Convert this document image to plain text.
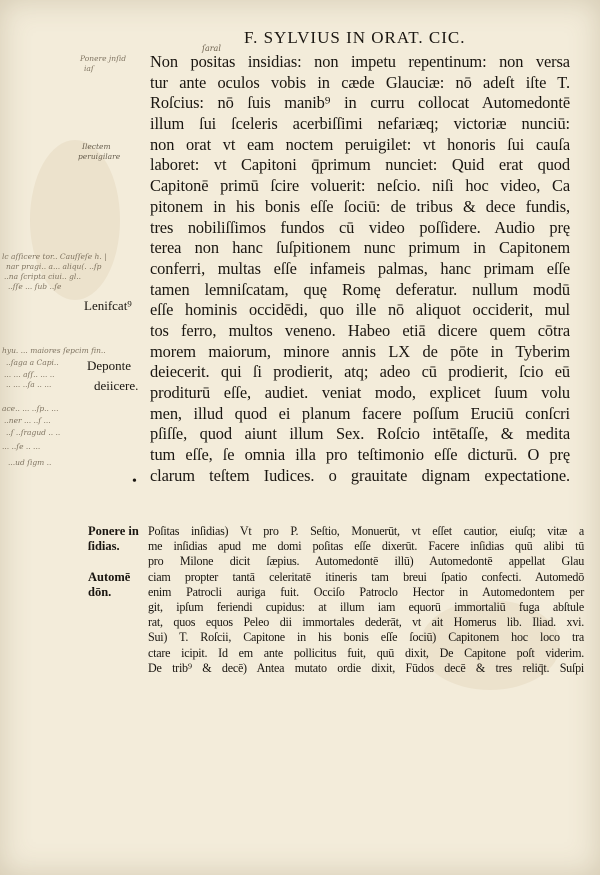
F. SYLVIUS IN ORAT. CIC.
ſaral
Ponere jnſid
iaſ
Ilectem
peruigilare
lc aſſicere tor.. Cauſſeſe h. |
nar pragi.. a... aliqu(. ..ſp
..na ſcripta ciui.. gl..
..ſſe ... ſub ..ſe
hyu. ... maiores ſepcim fin..
..ſaga a Capi..
... ... aſſ.. ... ..
.. ... ..ſa .. ...
ace.. ... ..ſp.. ...
..ner ... ..ſ ...
..ſ ..ſragud .. ..
... ..ſe .. ...
...ud ſigm ..
Lenifcat⁹
Deponte
deiicere.
•
Non positas insidias: non impetu repentinum: non versa
tur ante oculos vobis in cæde Glauciæ: nō adeſt iſte T.
Roſcius: nō ſuis manib⁹ in curru collocat Automedontē
illum ſui ſceleris acerbiſſimi nefariæq; victoriæ nunciū:
non orat vt eam noctem peruigilet: vt honoris ſui cauſa
laboret: vt Capitoni q̄primum nunciet: Quid erat quod
Capitonē primū ſcire voluerit: neſcio. niſi hoc video, Ca
pitonem in his bonis eſſe ſociū: de tribus & dece fundis,
tres nobiliſſimos fundos cū video poſſidere. Audio prę
terea non hanc ſuſpitionem nunc primum in Capitonem
conferri, multas eſſe infameis palmas, hanc primam eſſe
tamen lemniſcatam, quę Romę deferatur. nullum modū
eſſe hominis occidēdi, quo ille nō aliquot occiderit, mul
tos ferro, multos veneno. Habeo etiā dicere quem cōtra
morem maiorum, minore annis LX de pōte in Tyberim
deiecerit. qui ſi prodierit, atq; adeo cū prodierit, ſcio eū
proditurū eſſe, audiet. veniat modo, explicet ſuum volu
men, illud quod ei planum facere poſſum Eruciū conſcri
pſiſſe, quod aiunt illum Sex. Roſcio intētaſſe, & medita
tum eſſe, ſe omnia illa pro teſtimonio eſſe dicturū. O prę
clarum teſtem Iudices. o grauitate dignam expectatione.
Ponere in Poſitas inſidias) Vt pro P. Seſtio, Monuerūt, vt eſſet cautior, eiuſq; vitæ a
ſidias.	me inſidias apud me domi poſitas eſſe dixerūt. Facere inſidias quū alibi tū
pro Milone dicit ſæpius. Automedontē illū) Automedontē appellat Glau
Automē	ciam propter tantā celeritatē itineris tam breui ſpatio confecti. Automedō
dōn.	enim Patrocli auriga fuit. Occiſo Patroclo Hector in Automedontem per
git, ipſum feriendi cupidus: at illum iam equorū immortaliū fuga abſtule
rat, quos equos Peleo dii immortales dederāt, vt ait Homerus lib. Iliad. xvi.
Sui) T. Roſcii, Capitone in his bonis eſſe ſociū) Capitonem hoc loco tra
ctare icipit. Id em ante pollicitus fuit, quū dixit, De Capitone poſt viderim.
De trib⁹ & decē) Antea mutato ordie dixit, Fūdos decē & tres reliq̄t. Suſpi
